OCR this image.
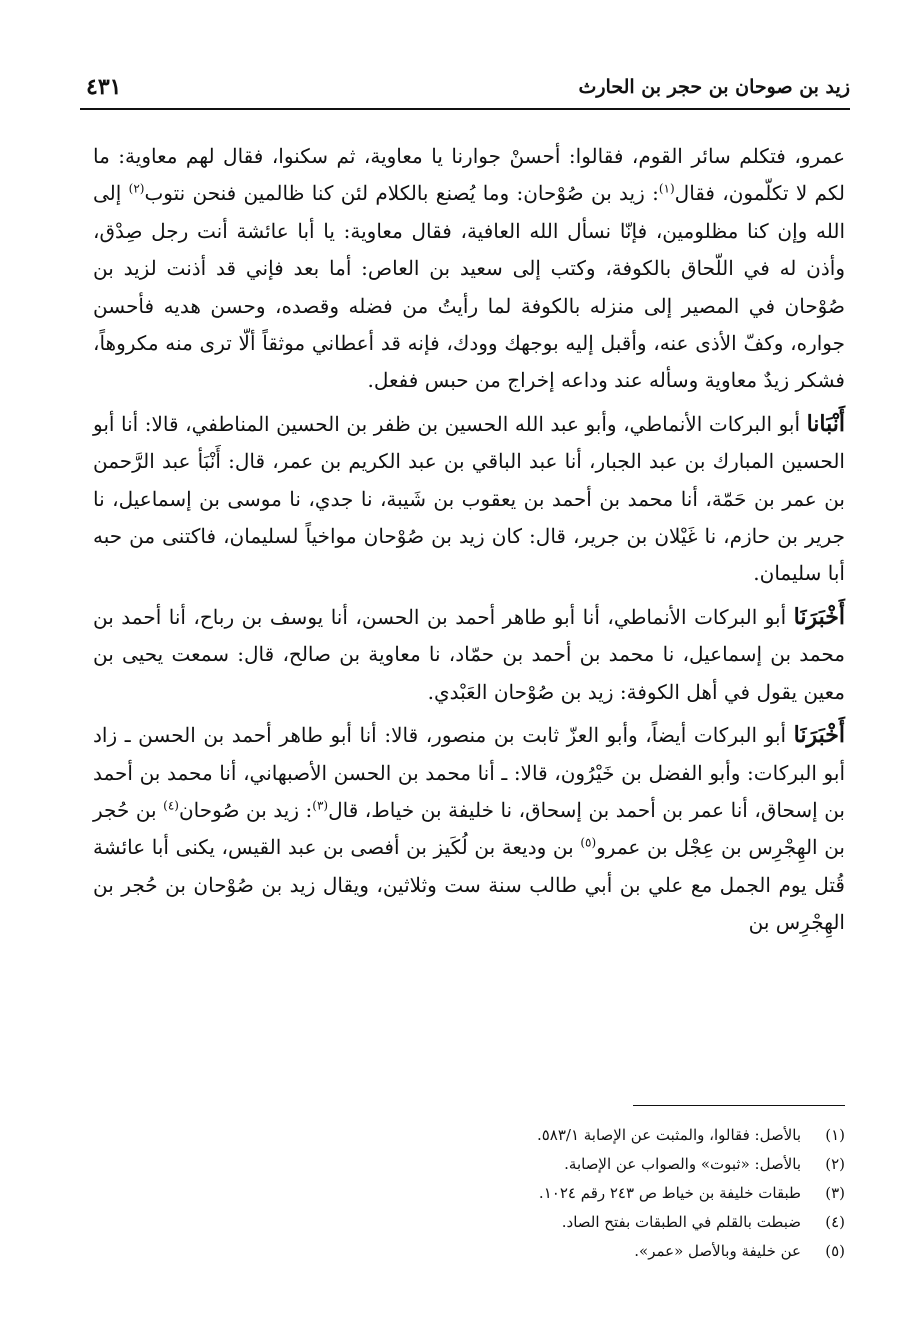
زيد بن صوحان بن حجر بن الحارث
٤٣١

عمرو، فتكلم سائر القوم، فقالوا: أحسنْ جوارنا يا معاوية، ثم سكنوا، فقال لهم معاوية: ما لكم لا تكلّمون، فقال$^{(١)}$: زيد بن صُوْحان: وما يُصنع بالكلام لئن كنا ظالمين فنحن نتوب$^{(٢)}$ إلى الله وإن كنا مظلومين، فإنّا نسأل الله العافية، فقال معاوية: يا أبا عائشة أنت رجل صِدْق، وأذن له في اللّحاق بالكوفة، وكتب إلى سعيد بن العاص: أما بعد فإني قد أذنت لزيد بن صُوْحان في المصير إلى منزله بالكوفة لما رأيتُ من فضله وقصده، وحسن هديه فأحسن جواره، وكفّ الأذى عنه، وأقبل إليه بوجهك وودك، فإنه قد أعطاني موثقاً ألّا ترى منه مكروهاً، فشكر زيدٌ معاوية وسأله عند وداعه إخراج من حبس ففعل.

أَنْبَانا أبو البركات الأنماطي، وأبو عبد الله الحسين بن ظفر بن الحسين المناطفي، قالا: أنا أبو الحسين المبارك بن عبد الجبار، أنا عبد الباقي بن عبد الكريم بن عمر، قال: أَنْبَأ عبد الرَّحمن بن عمر بن حَمّة، أنا محمد بن أحمد بن يعقوب بن شَيبة، نا جدي، نا موسى بن إسماعيل، نا جرير بن حازم، نا غَيْلان بن جرير، قال: كان زيد بن صُوْحان مواخياً لسليمان، فاكتنى من حبه أبا سليمان.

أَخْبَرَنَا أبو البركات الأنماطي، أنا أبو طاهر أحمد بن الحسن، أنا يوسف بن رباح، أنا أحمد بن محمد بن إسماعيل، نا محمد بن أحمد بن حمّاد، نا معاوية بن صالح، قال: سمعت يحيى بن معين يقول في أهل الكوفة: زيد بن صُوْحان العَبْدي.

أَخْبَرَنَا أبو البركات أيضاً، وأبو العزّ ثابت بن منصور، قالا: أنا أبو طاهر أحمد بن الحسن ـ زاد أبو البركات: وأبو الفضل بن خَيْرُون، قالا: ـ أنا محمد بن الحسن الأصبهاني، أنا محمد بن أحمد بن إسحاق، أنا عمر بن أحمد بن إسحاق، نا خليفة بن خياط، قال$^{(٣)}$: زيد بن صُوحان$^{(٤)}$ بن حُجر بن الهِجْرِس بن عِجْل بن عمرو$^{(٥)}$ بن وديعة بن لُكَيز بن أفصى بن عبد القيس، يكنى أبا عائشة قُتل يوم الجمل مع علي بن أبي طالب سنة ست وثلاثين، ويقال زيد بن صُوْحان بن حُجر بن الهِجْرِس بن

(١)بالأصل: فقالوا، والمثبت عن الإصابة ٥٨٣/١.
(٢)بالأصل: «ثبوت» والصواب عن الإصابة.
(٣)طبقات خليفة بن خياط ص ٢٤٣ رقم ١٠٢٤.
(٤)ضبطت بالقلم في الطبقات بفتح الصاد.
(٥)عن خليفة وبالأصل «عمر».
